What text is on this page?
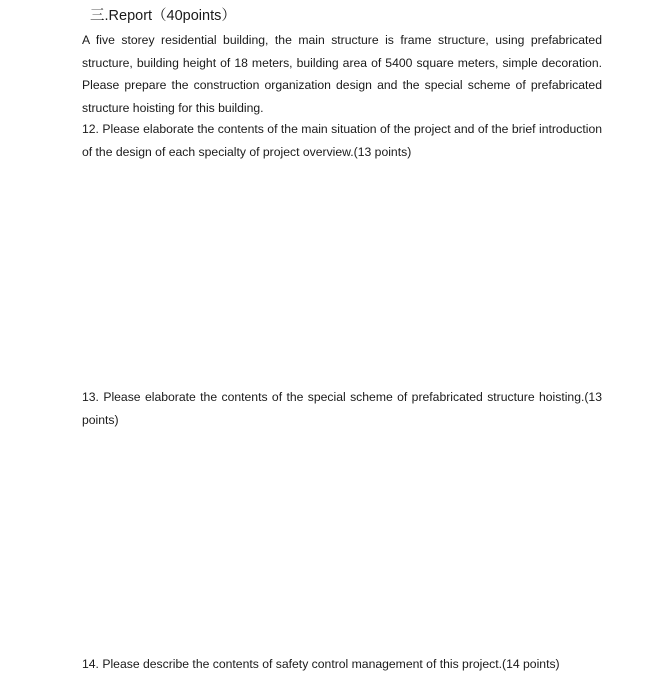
三.Report（40points）

A five storey residential building, the main structure is frame structure, using prefabricated structure, building height of 18 meters, building area of 5400 square meters, simple decoration. Please prepare the construction organization design and the special scheme of prefabricated structure hoisting for this building.

12. Please elaborate the contents of the main situation of the project and of the brief introduction of the design of each specialty of project overview.(13 points)

13. Please elaborate the contents of the special scheme of prefabricated structure hoisting.(13 points)

14. Please describe the contents of safety control management of this project.(14 points)
